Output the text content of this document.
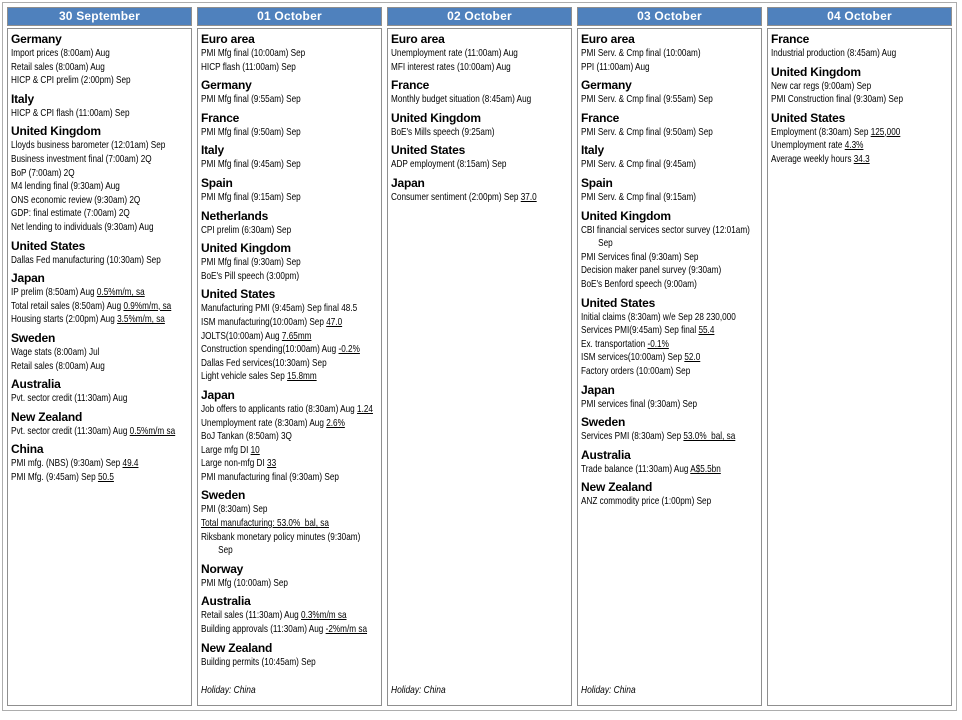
30 September	01 October	02 October	03 October	04 October
Germany
Import prices (8:00am) Aug
Retail sales (8:00am) Aug
HICP & CPI prelim (2:00pm) Sep
Italy
HICP & CPI flash (11:00am) Sep
United Kingdom
Lloyds business barometer (12:01am) Sep
Business investment final (7:00am) 2Q
BoP (7:00am) 2Q
M4 lending final (9:30am) Aug
ONS economic review (9:30am) 2Q
GDP: final estimate (7:00am) 2Q
Net lending to individuals (9:30am) Aug
United States
Dallas Fed manufacturing (10:30am) Sep
Japan
IP prelim (8:50am) Aug 0.5%m/m, sa
Total retail sales (8:50am) Aug 0.9%m/m, sa
Housing starts (2:00pm) Aug 3.5%m/m, sa
Sweden
Wage stats (8:00am) Jul
Retail sales (8:00am) Aug
Australia
Pvt. sector credit (11:30am) Aug
New Zealand
Pvt. sector credit (11:30am) Aug 0.5%m/m sa
China
PMI mfg. (NBS) (9:30am) Sep 49.4
PMI Mfg. (9:45am) Sep 50.5
Euro area
PMI Mfg final (10:00am) Sep
HICP flash (11:00am) Sep
Germany
PMI Mfg final (9:55am) Sep
France
PMI Mfg final (9:50am) Sep
Italy
PMI Mfg final (9:45am) Sep
Spain
PMI Mfg final (9:15am) Sep
Netherlands
CPI prelim (6:30am) Sep
United Kingdom
PMI Mfg final (9:30am) Sep
BoE's Pill speech (3:00pm)
United States
Manufacturing PMI (9:45am) Sep final 48.5
ISM manufacturing(10:00am) Sep 47.0
JOLTS(10:00am) Aug 7.65mm
Construction spending(10:00am) Aug -0.2%
Dallas Fed services(10:30am) Sep
Light vehicle sales Sep 15.8mm
Japan
Job offers to applicants ratio (8:30am) Aug 1.24
Unemployment rate (8:30am) Aug 2.6%
BoJ Tankan (8:50am) 3Q
Large mfg DI 10
Large non-mfg DI 33
PMI manufacturing final (9:30am) Sep
Sweden
PMI (8:30am) Sep
Total manufacturing: 53.0%  bal, sa
Riksbank monetary policy minutes (9:30am)
Sep
Norway
PMI Mfg (10:00am) Sep
Australia
Retail sales (11:30am) Aug 0.3%m/m sa
Building approvals (11:30am) Aug -2%m/m sa
New Zealand
Building permits (10:45am) Sep
Holiday: China
Euro area
Unemployment rate (11:00am) Aug
MFI interest rates (10:00am) Aug
France
Monthly budget situation (8:45am) Aug
United Kingdom
BoE's Mills speech (9:25am)
United States
ADP employment (8:15am) Sep
Japan
Consumer sentiment (2:00pm) Sep 37.0
Holiday: China
Euro area
PMI Serv. & Cmp final (10:00am)
PPI (11:00am) Aug
Germany
PMI Serv. & Cmp final (9:55am) Sep
France
PMI Serv. & Cmp final (9:50am) Sep
Italy
PMI Serv. & Cmp final (9:45am)
Spain
PMI Serv. & Cmp final (9:15am)
United Kingdom
CBI financial services sector survey (12:01am)
Sep
PMI Services final (9:30am) Sep
Decision maker panel survey (9:30am)
BoE's Benford speech (9:00am)
United States
Initial claims (8:30am) w/e Sep 28 230,000
Services PMI(9:45am) Sep final 55.4
Ex. transportation -0.1%
ISM services(10:00am) Sep 52.0
Factory orders (10:00am) Sep
Japan
PMI services final (9:30am) Sep
Sweden
Services PMI (8:30am) Sep 53.0%  bal, sa
Australia
Trade balance (11:30am) Aug A$5.5bn
New Zealand
ANZ commodity price (1:00pm) Sep
Holiday: China
France
Industrial production (8:45am) Aug
United Kingdom
New car regs (9:00am) Sep
PMI Construction final (9:30am) Sep
United States
Employment (8:30am) Sep 125,000
Unemployment rate 4.3%
Average weekly hours 34.3
